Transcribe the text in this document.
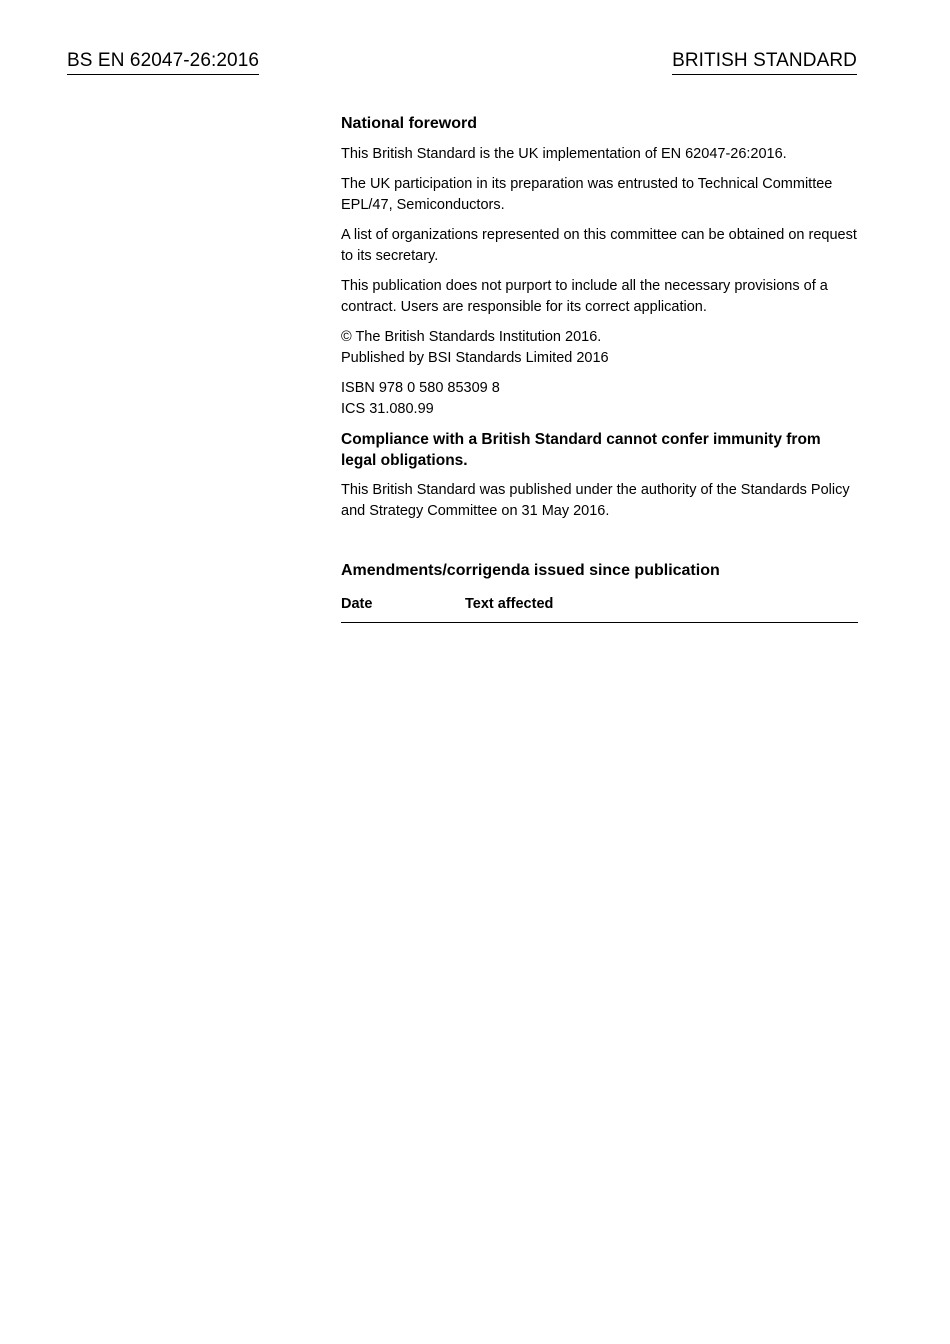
BS EN 62047-26:2016	BRITISH STANDARD
National foreword

This British Standard is the UK implementation of EN 62047-26:2016.

The UK participation in its preparation was entrusted to Technical Committee EPL/47, Semiconductors.

A list of organizations represented on this committee can be obtained on request to its secretary.

This publication does not purport to include all the necessary provisions of a contract. Users are responsible for its correct application.

© The British Standards Institution 2016.
Published by BSI Standards Limited 2016

ISBN 978 0 580 85309 8
ICS 31.080.99

Compliance with a British Standard cannot confer immunity from legal obligations.

This British Standard was published under the authority of the Standards Policy and Strategy Committee on 31 May 2016.

Amendments/corrigenda issued since publication
Date	Text affected
